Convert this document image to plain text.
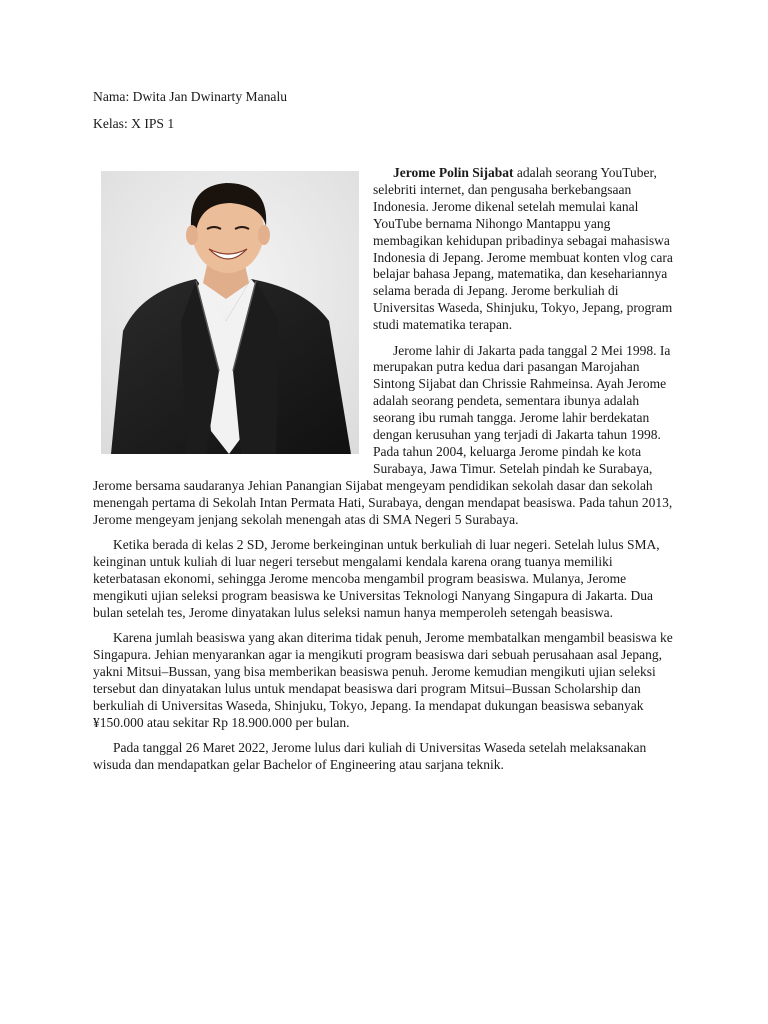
Nama: Dwita Jan Dwinarty Manalu
Kelas: X IPS 1

Jerome Polin Sijabat adalah seorang YouTuber, selebriti internet, dan pengusaha berkebangsaan Indonesia. Jerome dikenal setelah memulai kanal YouTube bernama Nihongo Mantappu yang membagikan kehidupan pribadinya sebagai mahasiswa Indonesia di Jepang. Jerome membuat konten vlog cara belajar bahasa Jepang, matematika, dan kesehariannya selama berada di Jepang. Jerome berkuliah di Universitas Waseda, Shinjuku, Tokyo, Jepang, program studi matematika terapan.

Jerome lahir di Jakarta pada tanggal 2 Mei 1998. Ia merupakan putra kedua dari pasangan Marojahan Sintong Sijabat dan Chrissie Rahmeinsa. Ayah Jerome adalah seorang pendeta, sementara ibunya adalah seorang ibu rumah tangga. Jerome lahir berdekatan dengan kerusuhan yang terjadi di Jakarta tahun 1998. Pada tahun 2004, keluarga Jerome pindah ke kota Surabaya, Jawa Timur. Setelah pindah ke Surabaya, Jerome bersama saudaranya Jehian Panangian Sijabat mengeyam pendidikan sekolah dasar dan sekolah menengah pertama di Sekolah Intan Permata Hati, Surabaya, dengan mendapat beasiswa. Pada tahun 2013, Jerome mengeyam jenjang sekolah menengah atas di SMA Negeri 5 Surabaya.

Ketika berada di kelas 2 SD, Jerome berkeinginan untuk berkuliah di luar negeri. Setelah lulus SMA, keinginan untuk kuliah di luar negeri tersebut mengalami kendala karena orang tuanya memiliki keterbatasan ekonomi, sehingga Jerome mencoba mengambil program beasiswa. Mulanya, Jerome mengikuti ujian seleksi program beasiswa ke Universitas Teknologi Nanyang Singapura di Jakarta. Dua bulan setelah tes, Jerome dinyatakan lulus seleksi namun hanya memperoleh setengah beasiswa.

Karena jumlah beasiswa yang akan diterima tidak penuh, Jerome membatalkan mengambil beasiswa ke Singapura. Jehian menyarankan agar ia mengikuti program beasiswa dari sebuah perusahaan asal Jepang, yakni Mitsui–Bussan, yang bisa memberikan beasiswa penuh. Jerome kemudian mengikuti ujian seleksi tersebut dan dinyatakan lulus untuk mendapat beasiswa dari program Mitsui–Bussan Scholarship dan berkuliah di Universitas Waseda, Shinjuku, Tokyo, Jepang. Ia mendapat dukungan beasiswa sebanyak ¥150.000 atau sekitar Rp 18.900.000 per bulan.

Pada tanggal 26 Maret 2022, Jerome lulus dari kuliah di Universitas Waseda setelah melaksanakan wisuda dan mendapatkan gelar Bachelor of Engineering atau sarjana teknik.
